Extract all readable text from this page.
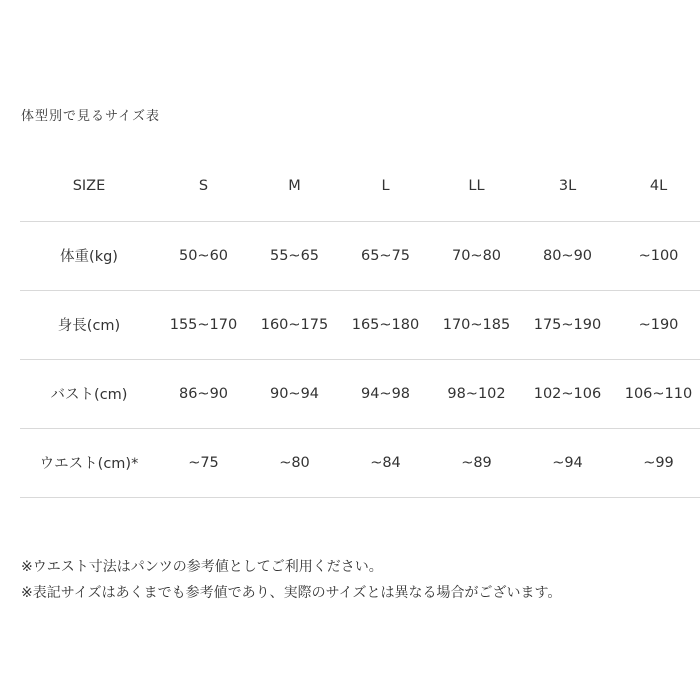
体型別で見るサイズ表
SIZE	S	M	L	LL	3L	4L
体重(kg)	50~60	55~65	65~75	70~80	80~90	~100
身長(cm)	155~170	160~175	165~180	170~185	175~190	~190
バスト(cm)	86~90	90~94	94~98	98~102	102~106	106~110
ウエスト(cm)*	~75	~80	~84	~89	~94	~99

※ウエスト寸法はパンツの参考値としてご利用ください。

※表記サイズはあくまでも参考値であり、実際のサイズとは異なる場合がございます。
